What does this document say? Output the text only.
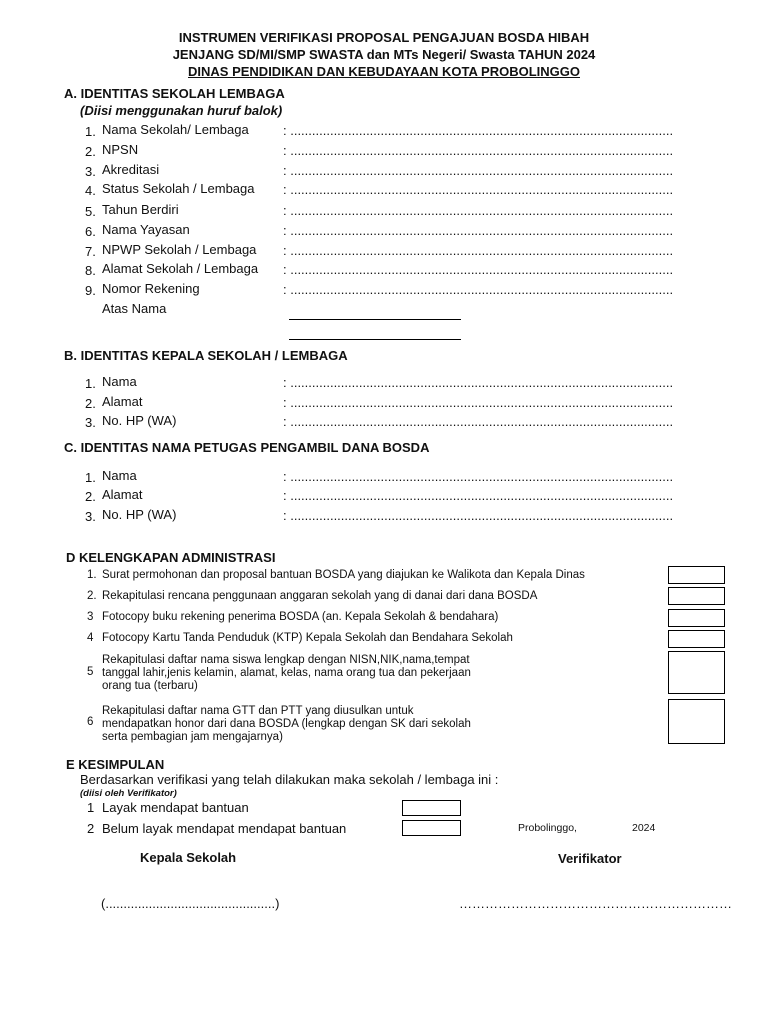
INSTRUMEN VERIFIKASI PROPOSAL PENGAJUAN BOSDA HIBAH
JENJANG SD/MI/SMP SWASTA dan MTs Negeri/ Swasta TAHUN 2024
DINAS PENDIDIKAN DAN KEBUDAYAAN KOTA PROBOLINGGO
A. IDENTITAS SEKOLAH LEMBAGA
(Diisi menggunakan huruf balok)
1. Nama Sekolah/ Lembaga	: ..........................................................................................................
2. NPSN	: ..........................................................................................................
3. Akreditasi	: ..........................................................................................................
4. Status Sekolah / Lembaga : ..........................................................................................................
5. Tahun Berdiri	: ..........................................................................................................
6. Nama Yayasan	: ..........................................................................................................
7. NPWP Sekolah / Lembaga : ..........................................................................................................
8. Alamat Sekolah / Lembaga : ..........................................................................................................
9. Nomor Rekening	: ..........................................................................................................
Atas Nama
B. IDENTITAS KEPALA SEKOLAH / LEMBAGA
1. Nama	: ..........................................................................................................
2. Alamat	: ..........................................................................................................
3. No. HP (WA)	: ..........................................................................................................
C. IDENTITAS NAMA PETUGAS PENGAMBIL DANA BOSDA
1. Nama	: ..........................................................................................................
2. Alamat	: ..........................................................................................................
3. No. HP (WA)	: ..........................................................................................................
D KELENGKAPAN ADMINISTRASI
1. Surat permohonan dan proposal bantuan BOSDA yang diajukan ke Walikota dan Kepala Dinas
2. Rekapitulasi rencana penggunaan anggaran sekolah yang di danai dari dana BOSDA
3 Fotocopy buku rekening penerima BOSDA (an. Kepala Sekolah & bendahara)
4 Fotocopy Kartu Tanda Penduduk (KTP) Kepala Sekolah dan Bendahara Sekolah
5
Rekapitulasi daftar nama siswa lengkap dengan NISN,NIK,nama,tempat
tanggal lahir,jenis kelamin, alamat, kelas, nama orang tua dan pekerjaan
orang tua (terbaru)
6
Rekapitulasi daftar nama GTT dan PTT yang diusulkan untuk
mendapatkan honor dari dana BOSDA (lengkap dengan SK dari sekolah
serta pembagian jam mengajarnya)
E KESIMPULAN
Berdasarkan verifikasi yang telah dilakukan maka sekolah / lembaga ini :
(diisi oleh Verifikator)
1 Layak mendapat bantuan
2 Belum layak mendapat mendapat bantuan	Probolinggo,	2024
Kepala Sekolah	Verifikator
(...............................................)	………………………………………………………
